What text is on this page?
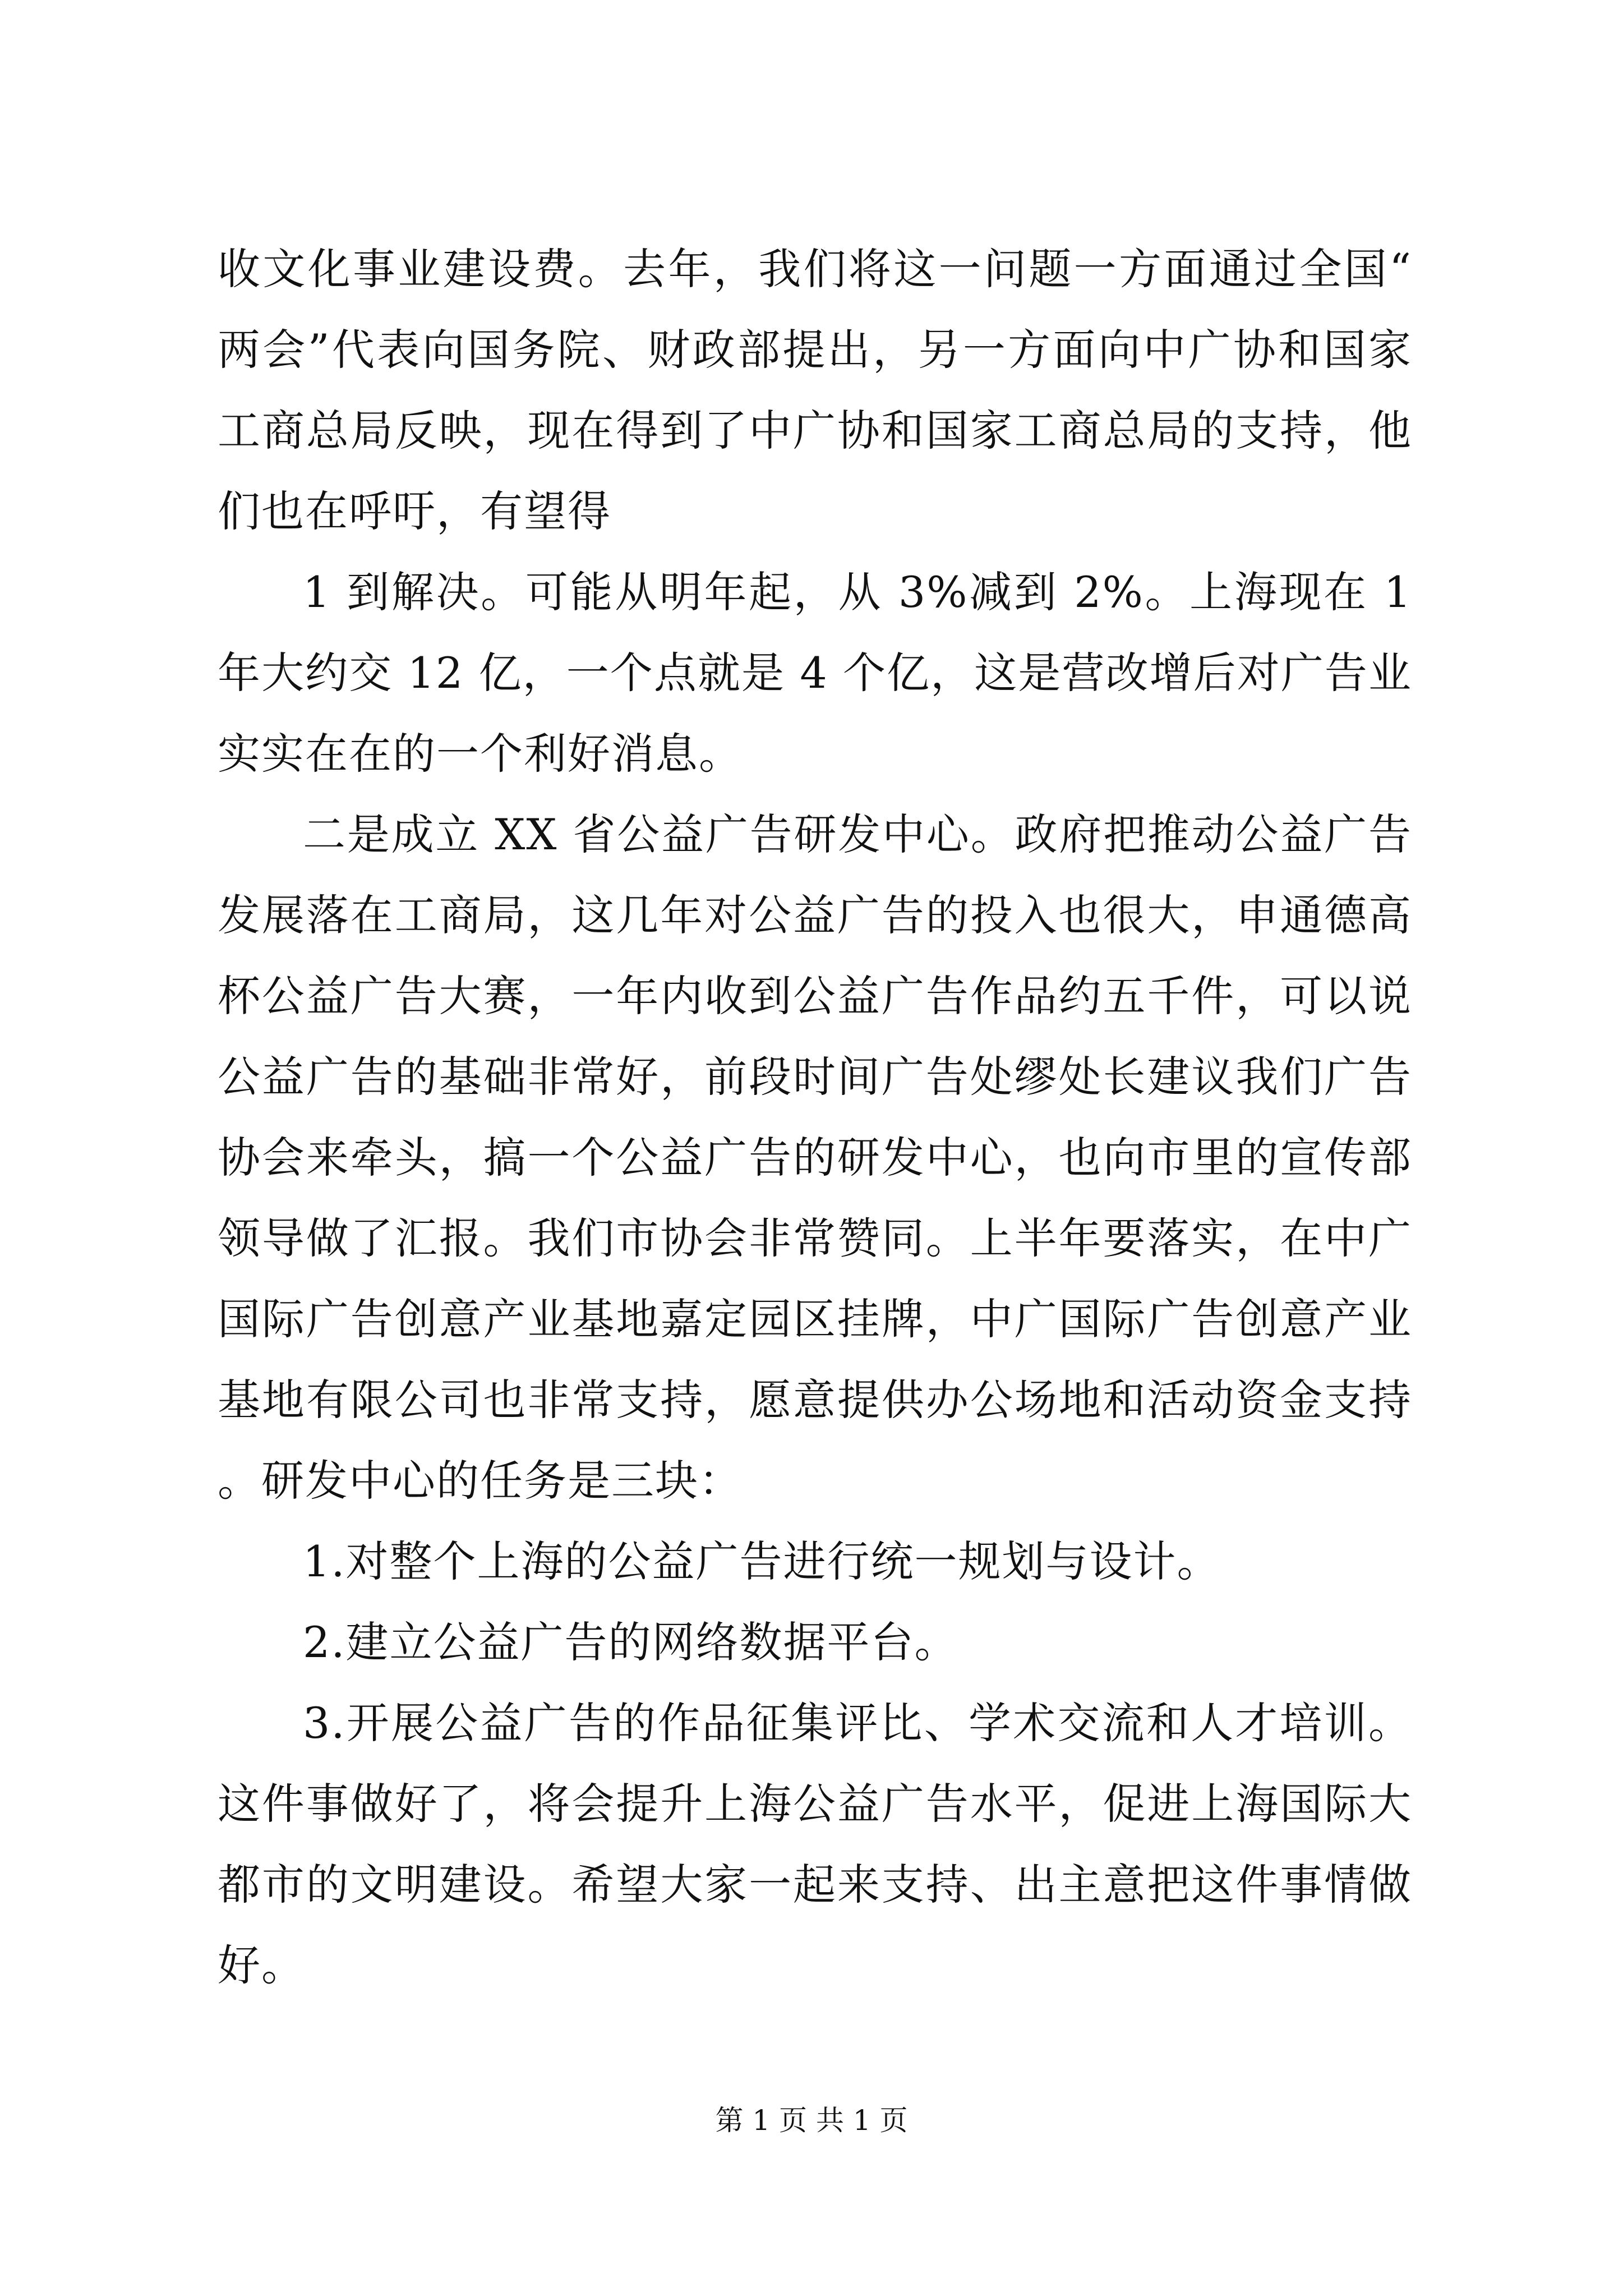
收文化事业建设费。去年，我们将这一问题一方面通过全国“两会”代表向国务院、财政部提出，另一方面向中广协和国家工商总局反映，现在得到了中广协和国家工商总局的支持，他们也在呼吁，有望得

1 到解决。可能从明年起，从 3%减到 2%。上海现在 1 年大约交 12 亿，一个点就是 4 个亿，这是营改增后对广告业实实在在的一个利好消息。

二是成立 XX 省公益广告研发中心。政府把推动公益广告发展落在工商局，这几年对公益广告的投入也很大，申通德高杯公益广告大赛，一年内收到公益广告作品约五千件，可以说公益广告的基础非常好，前段时间广告处缪处长建议我们广告协会来牵头，搞一个公益广告的研发中心，也向市里的宣传部领导做了汇报。我们市协会非常赞同。上半年要落实，在中广国际广告创意产业基地嘉定园区挂牌，中广国际广告创意产业基地有限公司也非常支持，愿意提供办公场地和活动资金支持。研发中心的任务是三块：

1.对整个上海的公益广告进行统一规划与设计。

2.建立公益广告的网络数据平台。

3.开展公益广告的作品征集评比、学术交流和人才培训。这件事做好了，将会提升上海公益广告水平，促进上海国际大都市的文明建设。希望大家一起来支持、出主意把这件事情做好。

第 1 页 共 1 页
